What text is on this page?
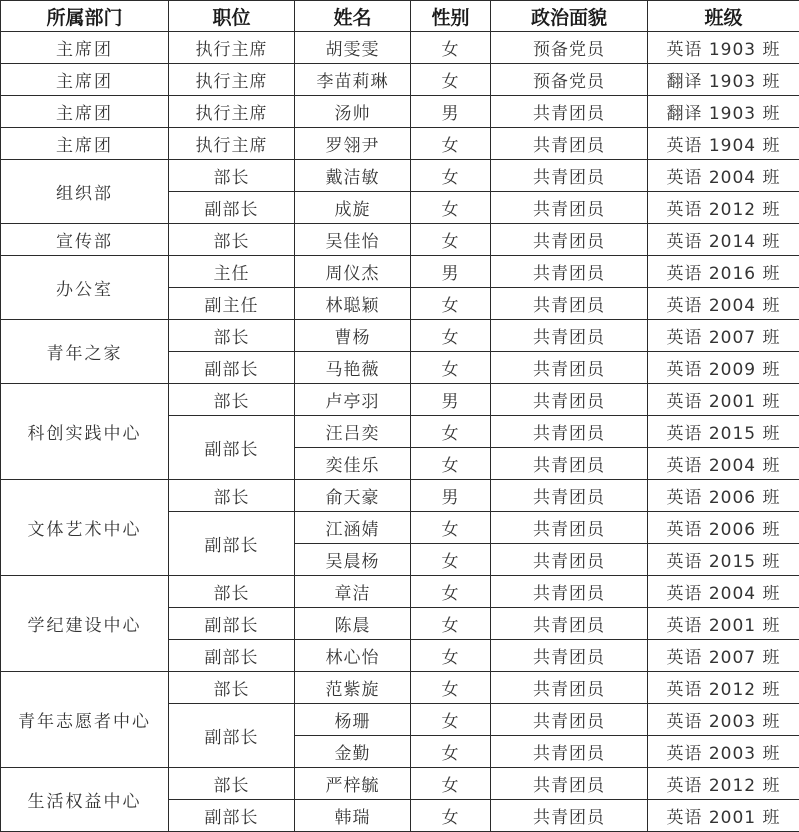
所属部门	职位	姓名	性别	政治面貌	班级
主席团	执行主席	胡雯雯	女	预备党员	英语 1903 班
主席团	执行主席	李苗莉琳	女	预备党员	翻译 1903 班
主席团	执行主席	汤帅	男	共青团员	翻译 1903 班
主席团	执行主席	罗翎尹	女	共青团员	英语 1904 班
组织部	部长	戴洁敏	女	共青团员	英语 2004 班
	副部长	成旋	女	共青团员	英语 2012 班
宣传部	部长	吴佳怡	女	共青团员	英语 2014 班
办公室	主任	周仪杰	男	共青团员	英语 2016 班
	副主任	林聪颖	女	共青团员	英语 2004 班
青年之家	部长	曹杨	女	共青团员	英语 2007 班
	副部长	马艳薇	女	共青团员	英语 2009 班
科创实践中心	部长	卢亭羽	男	共青团员	英语 2001 班
	副部长	汪吕奕	女	共青团员	英语 2015 班
		奕佳乐	女	共青团员	英语 2004 班
文体艺术中心	部长	俞天豪	男	共青团员	英语 2006 班
	副部长	江涵婧	女	共青团员	英语 2006 班
		吴晨杨	女	共青团员	英语 2015 班
学纪建设中心	部长	章洁	女	共青团员	英语 2004 班
	副部长	陈晨	女	共青团员	英语 2001 班
	副部长	林心怡	女	共青团员	英语 2007 班
青年志愿者中心	部长	范紫旋	女	共青团员	英语 2012 班
	副部长	杨珊	女	共青团员	英语 2003 班
		金勤	女	共青团员	英语 2003 班
生活权益中心	部长	严梓毓	女	共青团员	英语 2012 班
	副部长	韩瑞	女	共青团员	英语 2001 班
